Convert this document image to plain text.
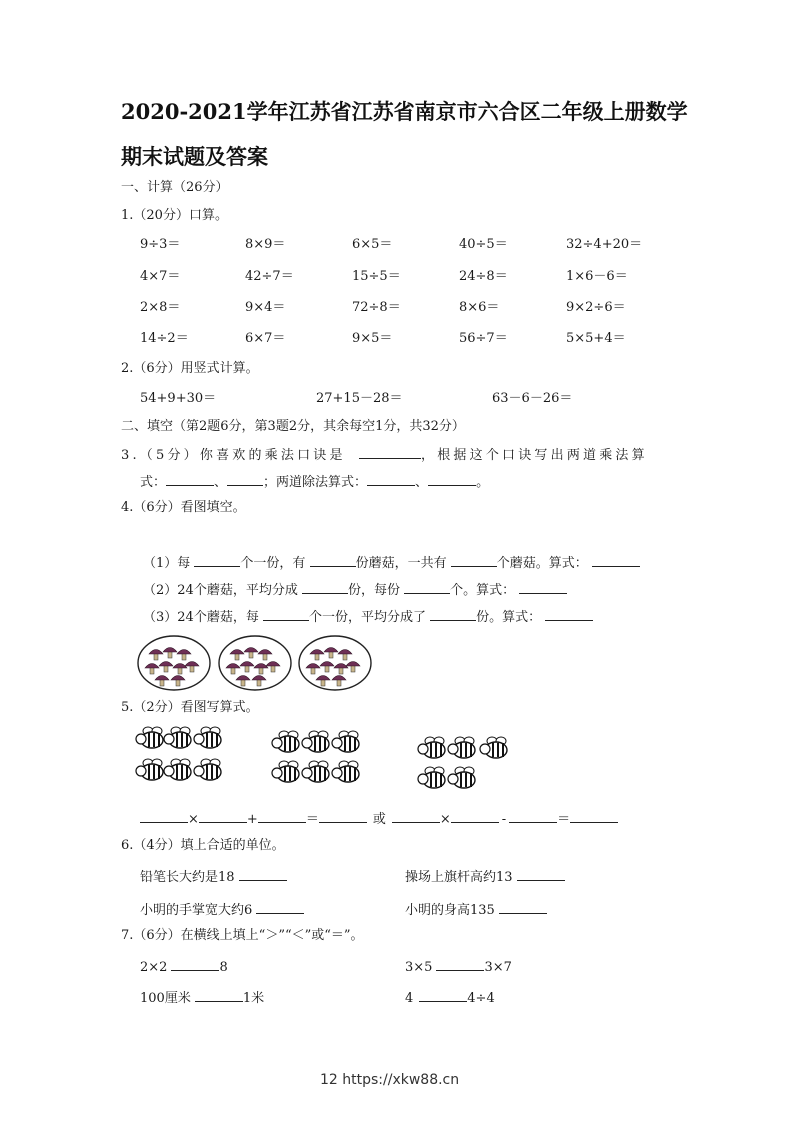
2020-2021学年江苏省江苏省南京市六合区二年级上册数学
期末试题及答案
一、计算（26分）
1.（20分）口算。
9÷3＝	8×9＝	6×5＝	40÷5＝	32÷4+20＝
4×7＝	42÷7＝	15÷5＝	24÷8＝	1×6－6＝
2×8＝	9×4＝	72÷8＝	8×6＝	9×2÷6＝
14÷2＝	6×7＝	9×5＝	56÷7＝	5×5+4＝
2.（6分）用竖式计算。
54+9+30＝	27+15－28＝	63－6－26＝
二、填空（第2题6分，第3题2分，其余每空1分，共32分）
3.（5分）你喜欢的乘法口诀是	，根据这个口诀写出两道乘法算
式：	、	；两道除法算式：	、	。
4.（6分）看图填空。
（1）每	个一份，有	份蘑菇，一共有	个蘑菇。算式：
（2）24个蘑菇，平均分成	份，每份	个。算式：
（3）24个蘑菇，每	个一份，平均分成了	份。算式：
5.（2分）看图写算式。
×	+	＝	或	×	-	＝
6.（4分）填上合适的单位。
铅笔长大约是18	操场上旗杆高约13
小明的手掌宽大约6	小明的身高135
7.（6分）在横线上填上“＞”“＜”或“＝”。
2×2	8	3×5	3×7
100厘米	1米	4	4÷4
12 https://xkw88.cn
